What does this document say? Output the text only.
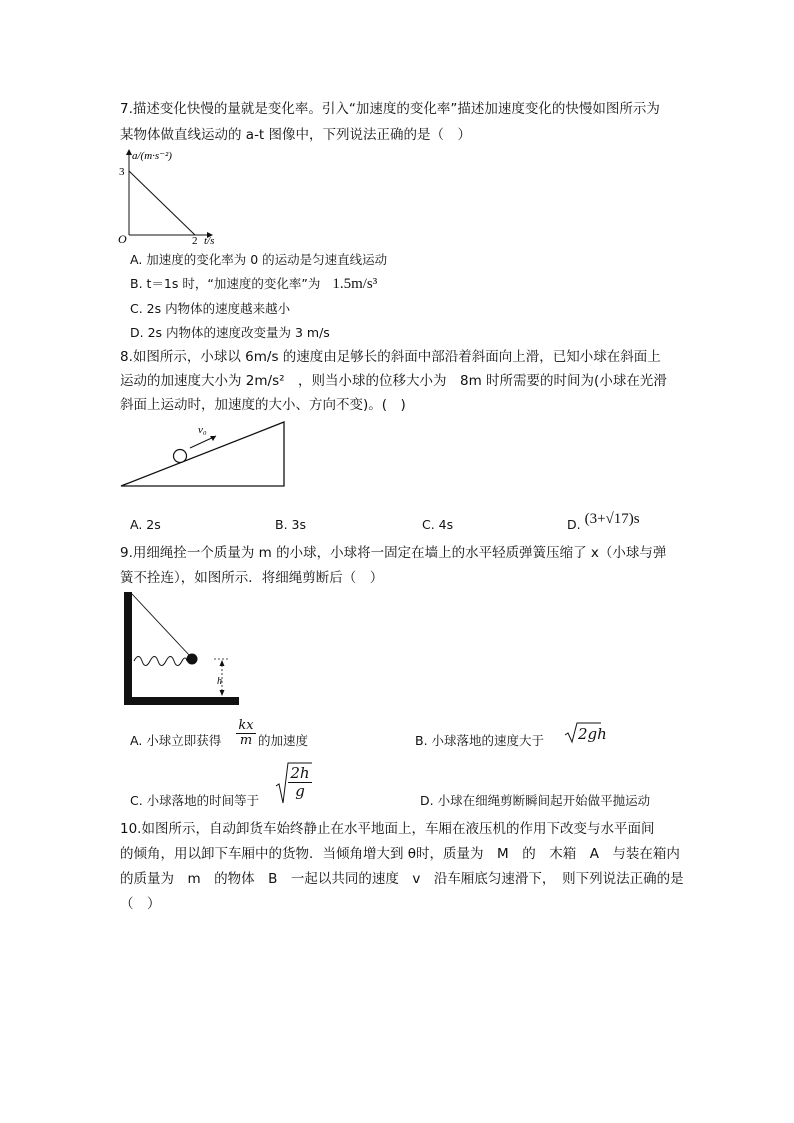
7.描述变化快慢的量就是变化率。引入“加速度的变化率”描述加速度变化的快慢如图所示为
某物体做直线运动的 a-t 图像中，下列说法正确的是（　）
a/(m·s⁻²)
3
O	2 t/s
A. 加速度的变化率为 0 的运动是匀速直线运动
B. t＝1s 时，“加速度的变化率”为 1.5m/s³
C. 2s 内物体的速度越来越小
D. 2s 内物体的速度改变量为 3 m/s
8.如图所示，小球以 6m/s 的速度由足够长的斜面中部沿着斜面向上滑，已知小球在斜面上
运动的加速度大小为 2m/s²　，则当小球的位移大小为　8m 时所需要的时间为(小球在光滑
斜面上运动时，加速度的大小、方向不变)。(　)
v₀
A. 2s	B. 3s	C. 4s	D. (3+√17)s
9.用细绳拴一个质量为 m 的小球，小球将一固定在墙上的水平轻质弹簧压缩了 x（小球与弹
簧不拴连），如图所示．将细绳剪断后（　）
h
A. 小球立即获得 $\frac{kx}{m}$ 的加速度	B. 小球落地的速度大于 2gh
C. 小球落地的时间等于
$\frac{2h}{g}$
D. 小球在细绳剪断瞬间起开始做平抛运动
10.如图所示，自动卸货车始终静止在水平地面上，车厢在液压机的作用下改变与水平面间
的倾角，用以卸下车厢中的货物．当倾角增大到 θ时，质量为　M　的　木箱　A　与装在箱内
的质量为　m　的物体　B　一起以共同的速度　v　沿车厢底匀速滑下，　则下列说法正确的是
（　）
